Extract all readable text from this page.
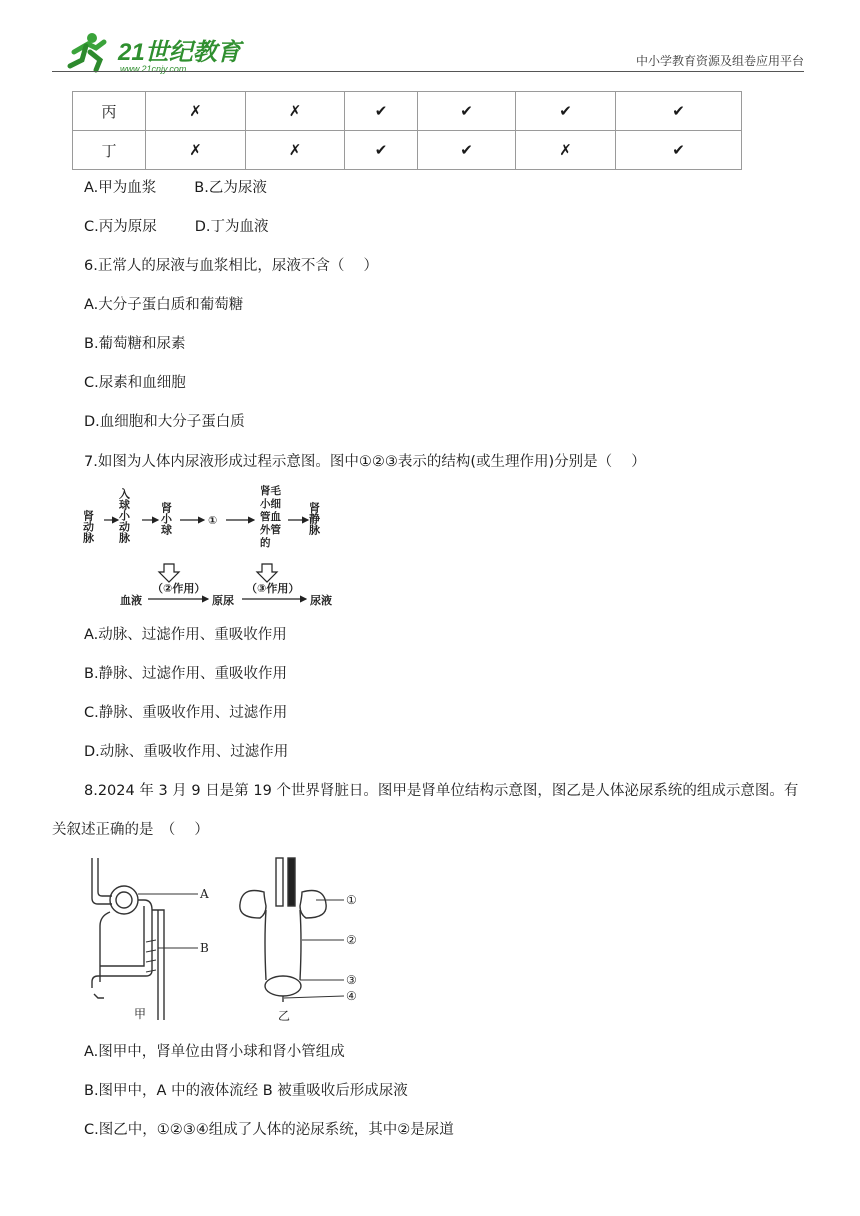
21世纪教育
www.21cnjy.com
中小学教育资源及组卷应用平台
丙	✗	✗	✔	✔	✔	✔
丁	✗	✗	✔	✔	✗	✔
A.甲为血浆	B.乙为尿液
C.丙为原尿	D.丁为血液
6.正常人的尿液与血浆相比，尿液不含（　 ）
A.大分子蛋白质和葡萄糖
B.葡萄糖和尿素
C.尿素和血细胞
D.血细胞和大分子蛋白质
7.如图为人体内尿液形成过程示意图。图中①②③表示的结构(或生理作用)分别是（　 ）
肾动脉 入球小动脉	肾小球	①
肾毛
小细
管血
外管
的
肾静脉
血液
（②作用）
原尿
（③作用）
尿液
A.动脉、过滤作用、重吸收作用
B.静脉、过滤作用、重吸收作用
C.静脉、重吸收作用、过滤作用
D.动脉、重吸收作用、过滤作用
8.2024 年 3 月 9 日是第 19 个世界肾脏日。图甲是肾单位结构示意图，图乙是人体泌尿系统的组成示意图。有
关叙述正确的是　（　 ）
A
B
甲
①
②
③
④
乙
A.图甲中，肾单位由肾小球和肾小管组成
B.图甲中，A 中的液体流经 B 被重吸收后形成尿液
C.图乙中，①②③④组成了人体的泌尿系统，其中②是尿道
